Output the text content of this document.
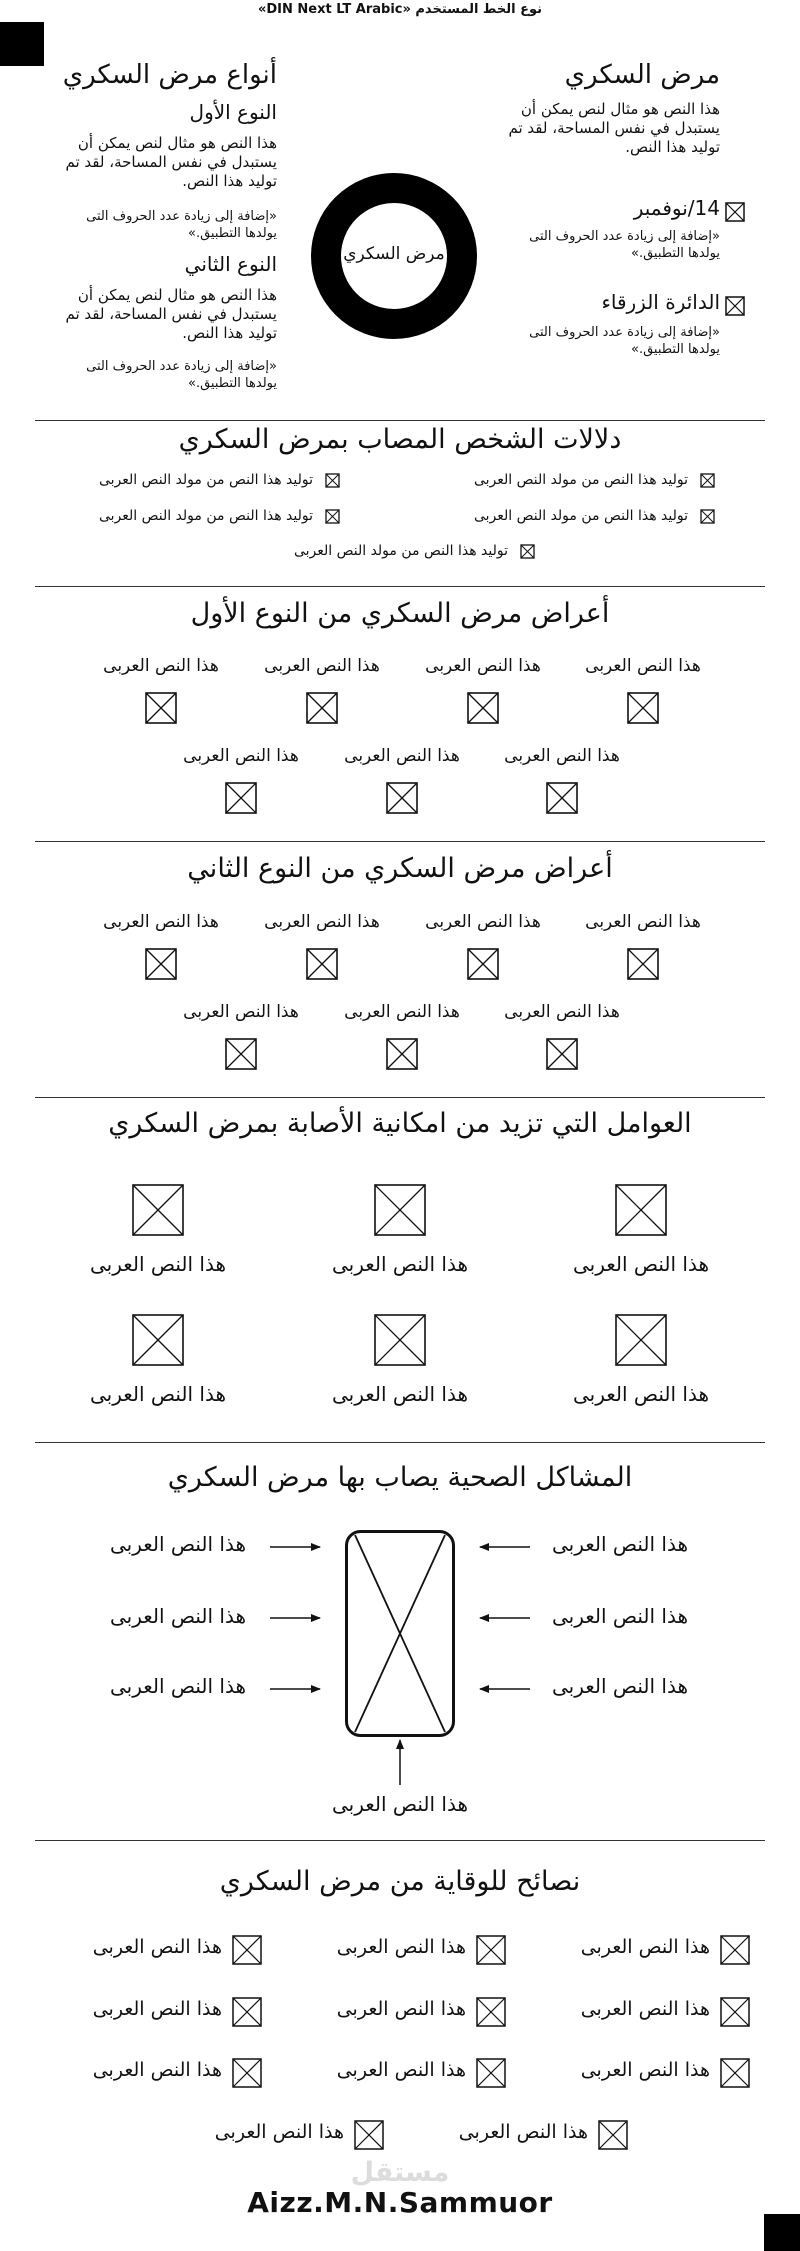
نوع الخط المستخدم «DIN Next LT Arabic»
مرض السكري
هذا النص هو مثال لنص يمكن أن يستبدل في نفس المساحة، لقد تم توليد هذا النص.
14/نوفمبر
«إضافة إلى زيادة عدد الحروف التى يولدها التطبيق.»
الدائرة الزرقاء
«إضافة إلى زيادة عدد الحروف التى يولدها التطبيق.»
مرض السكري
أنواع مرض السكري
النوع الأول
هذا النص هو مثال لنص يمكن أن يستبدل في نفس المساحة، لقد تم توليد هذا النص.
«إضافة إلى زيادة عدد الحروف التى يولدها التطبيق.»
النوع الثاني
هذا النص هو مثال لنص يمكن أن يستبدل في نفس المساحة، لقد تم توليد هذا النص.
«إضافة إلى زيادة عدد الحروف التى يولدها التطبيق.»
دلالات الشخص المصاب بمرض السكري
توليد هذا النص من مولد النص العربى
توليد هذا النص من مولد النص العربى
توليد هذا النص من مولد النص العربى
توليد هذا النص من مولد النص العربى
توليد هذا النص من مولد النص العربى
أعراض مرض السكري من النوع الأول
هذا النص العربى
هذا النص العربى
هذا النص العربى
هذا النص العربى
هذا النص العربى
هذا النص العربى
هذا النص العربى
أعراض مرض السكري من النوع الثاني
هذا النص العربى
هذا النص العربى
هذا النص العربى
هذا النص العربى
هذا النص العربى
هذا النص العربى
هذا النص العربى
العوامل التي تزيد من امكانية الأصابة بمرض السكري
هذا النص العربى
هذا النص العربى
هذا النص العربى
هذا النص العربى
هذا النص العربى
هذا النص العربى
المشاكل الصحية يصاب بها مرض السكري
هذا النص العربى
هذا النص العربى
هذا النص العربى
هذا النص العربى
هذا النص العربى
هذا النص العربى
هذا النص العربى
نصائح للوقاية من مرض السكري
هذا النص العربى
هذا النص العربى
هذا النص العربى
هذا النص العربى
هذا النص العربى
هذا النص العربى
هذا النص العربى
هذا النص العربى
هذا النص العربى
هذا النص العربى
هذا النص العربى
مستقل
Aizz.M.N.Sammuor
